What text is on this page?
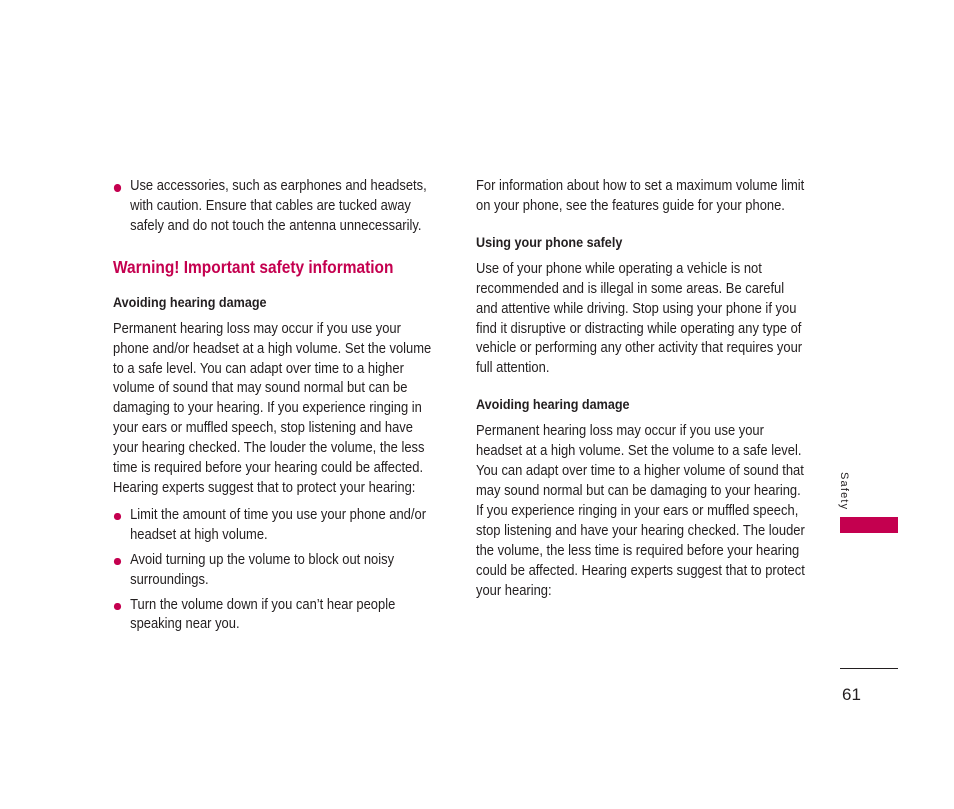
Use accessories, such as earphones and headsets, with caution. Ensure that cables are tucked away safely and do not touch the antenna unnecessarily.
Warning! Important safety information
Avoiding hearing damage

Permanent hearing loss may occur if you use your phone and/or headset at a high volume. Set the volume to a safe level. You can adapt over time to a higher volume of sound that may sound normal but can be damaging to your hearing. If you experience ringing in your ears or muffled speech, stop listening and have your hearing checked. The louder the volume, the less time is required before your hearing could be affected. Hearing experts suggest that to protect your hearing:

Limit the amount of time you use your phone and/or headset at high volume.
Avoid turning up the volume to block out noisy surroundings.
Turn the volume down if you can’t hear people speaking near you.

For information about how to set a maximum volume limit on your phone, see the features guide for your phone.

Using your phone safely

Use of your phone while operating a vehicle is not recommended and is illegal in some areas. Be careful and attentive while driving. Stop using your phone if you find it disruptive or distracting while operating any type of vehicle or performing any other activity that requires your full attention.

Avoiding hearing damage

Permanent hearing loss may occur if you use your headset at a high volume. Set the volume to a safe level. You can adapt over time to a higher volume of sound that may sound normal but can be damaging to your hearing. If you experience ringing in your ears or muffled speech, stop listening and have your hearing checked. The louder the volume, the less time is required before your hearing could be affected. Hearing experts suggest that to protect your hearing:

Safety
61
